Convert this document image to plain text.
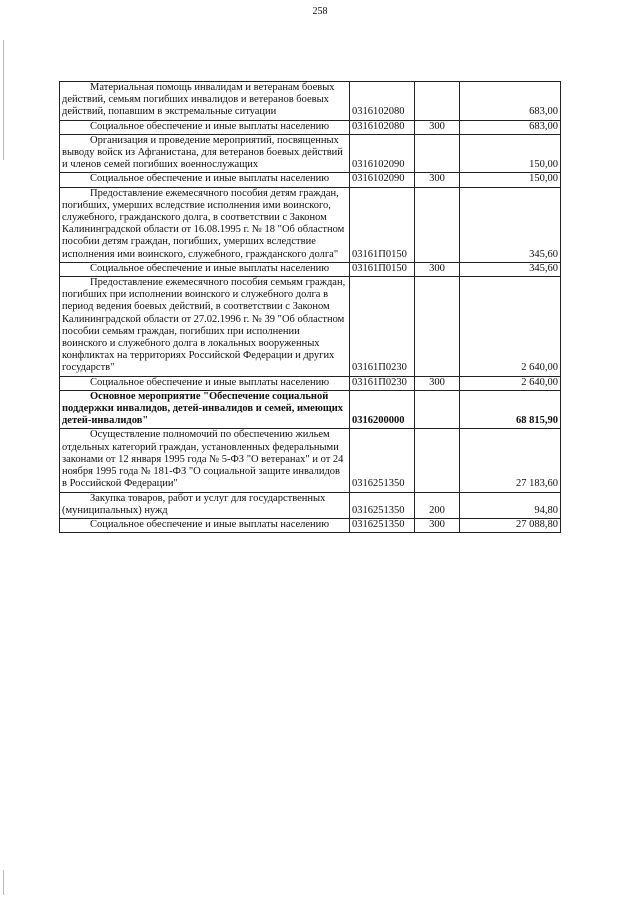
258
Материальная помощь инвалидам и ветеранам боевых действий, семьям погибших инвалидов и ветеранов боевых действий, попавшим в экстремальные ситуации	0316102080		683,00
Социальное обеспечение и иные выплаты населению	0316102080	300	683,00
Организация и проведение мероприятий, посвященных выводу войск из Афганистана, для ветеранов боевых действий и членов семей погибших военнослужащих	0316102090		150,00
Социальное обеспечение и иные выплаты населению	0316102090	300	150,00
Предоставление ежемесячного пособия детям граждан, погибших, умерших вследствие исполнения ими воинского, служебного, гражданского долга, в соответствии с Законом Калининградской области от 16.08.1995 г. № 18 "Об областном пособии детям граждан, погибших, умерших вследствие исполнения ими воинского, служебного, гражданского долга"	03161П0150		345,60
Социальное обеспечение и иные выплаты населению	03161П0150	300	345,60
Предоставление ежемесячного пособия семьям граждан, погибших при исполнении воинского и служебного долга в период ведения боевых действий, в соответствии с Законом Калининградской области от 27.02.1996 г. № 39 "Об областном пособии семьям граждан, погибших при исполнении воинского и служебного долга в локальных вооруженных конфликтах на территориях Российской Федерации и других государств"	03161П0230		2 640,00
Социальное обеспечение и иные выплаты населению	03161П0230	300	2 640,00
Основное мероприятие "Обеспечение социальной поддержки инвалидов, детей-инвалидов и семей, имеющих детей-инвалидов"	0316200000		68 815,90
Осуществление полномочий по обеспечению жильем отдельных категорий граждан, установленных федеральными законами от 12 января 1995 года № 5-ФЗ "О ветеранах" и от 24 ноября 1995 года № 181-ФЗ "О социальной защите инвалидов в Российской Федерации"	0316251350		27 183,60
Закупка товаров, работ и услуг для государственных (муниципальных) нужд	0316251350	200	94,80
Социальное обеспечение и иные выплаты населению	0316251350	300	27 088,80
